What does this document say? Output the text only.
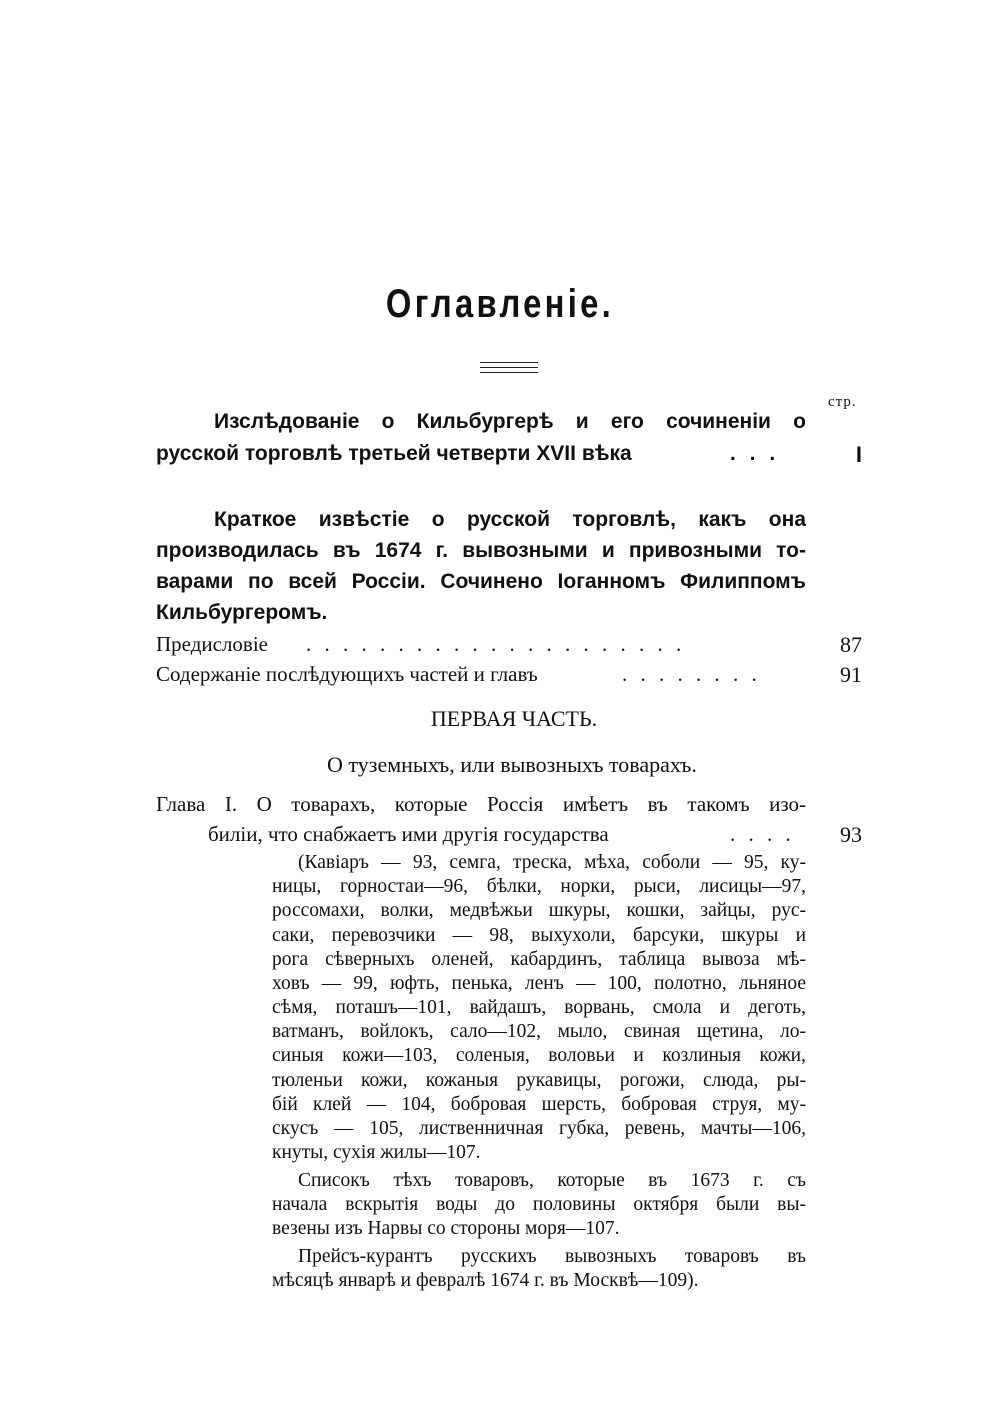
Оглавленіе.
стр.
Изслѣдованіе о Кильбургерѣ и его сочиненіи о
русской торговлѣ третьей четверти XVII вѣка	. . .	I
Краткое извѣстіе о русской торговлѣ, какъ она
производилась въ 1674 г. вывозными и привозными то-
варами по всей Россіи. Сочинено Іоганномъ Филиппомъ
Кильбургеромъ.
Предисловіе . . . . . . . . . . . . . . . . . . . . .	87
Содержаніе послѣдующихъ частей и главъ	. . . . . . . .	91
ПЕРВАЯ ЧАСТЬ.
О туземныхъ, или вывозныхъ товарахъ.
Глава I. О товарахъ, которые Россія имѣетъ въ такомъ изо-
биліи, что снабжаетъ ими другія государства	. . . . 93
(Кавіаръ — 93, семга, треска, мѣха, соболи — 95, ку-
ницы, горностаи—96, бѣлки, норки, рыси, лисицы—97,
россомахи, волки, медвѣжьи шкуры, кошки, зайцы, рус-
саки, перевозчики — 98, выхухоли, барсуки, шкуры и
рога сѣверныхъ оленей, кабардинъ, таблица вывоза мѣ-
ховъ — 99, юфть, пенька, ленъ — 100, полотно, льняное
сѣмя, поташъ—101, вайдашъ, ворвань, смола и деготь,
ватманъ, войлокъ, сало—102, мыло, свиная щетина, ло-
синыя кожи—103, соленыя, воловьи и козлиныя кожи,
тюленьи кожи, кожаныя рукавицы, рогожи, слюда, ры-
бій клей — 104, бобровая шерсть, бобровая струя, му-
скусъ — 105, лиственничная губка, ревень, мачты—106,
кнуты, сухія жилы—107.
Списокъ тѣхъ товаровъ, которые въ 1673 г. съ
начала вскрытія воды до половины октября были вы-
везены изъ Нарвы со стороны моря—107.
Прейсъ-курантъ русскихъ вывозныхъ товаровъ въ
мѣсяцѣ январѣ и февралѣ 1674 г. въ Москвѣ—109).
